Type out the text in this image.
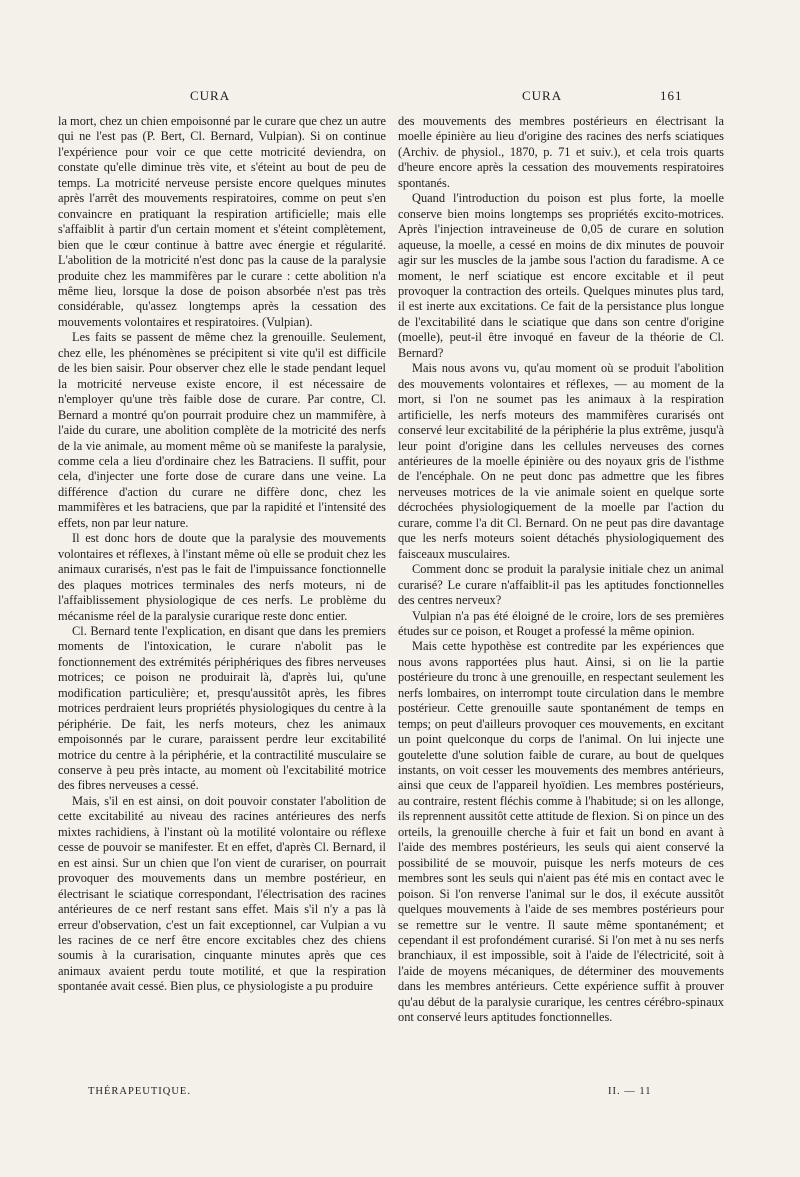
CURA	CURA	161

la mort, chez un chien empoisonné par le curare que chez un autre qui ne l'est pas (P. Bert, Cl. Bernard, Vulpian). Si on continue l'expérience pour voir ce que cette motricité deviendra, on constate qu'elle diminue très vite, et s'éteint au bout de peu de temps. La motricité nerveuse persiste encore quelques minutes après l'arrêt des mouvements respiratoires, comme on peut s'en convaincre en pratiquant la respiration artificielle; mais elle s'affaiblit à partir d'un certain moment et s'éteint complètement, bien que le cœur continue à battre avec énergie et régularité. L'abolition de la motricité n'est donc pas la cause de la paralysie produite chez les mammifères par le curare : cette abolition n'a même lieu, lorsque la dose de poison absorbée n'est pas très considérable, qu'assez longtemps après la cessation des mouvements volontaires et respiratoires. (Vulpian).

Les faits se passent de même chez la grenouille. Seulement, chez elle, les phénomènes se précipitent si vite qu'il est difficile de les bien saisir. Pour observer chez elle le stade pendant lequel la motricité nerveuse existe encore, il est nécessaire de n'employer qu'une très faible dose de curare. Par contre, Cl. Bernard a montré qu'on pourrait produire chez un mammifère, à l'aide du curare, une abolition complète de la motricité des nerfs de la vie animale, au moment même où se manifeste la paralysie, comme cela a lieu d'ordinaire chez les Batraciens. Il suffit, pour cela, d'injecter une forte dose de curare dans une veine. La différence d'action du curare ne diffère donc, chez les mammifères et les batraciens, que par la rapidité et l'intensité des effets, non par leur nature.

Il est donc hors de doute que la paralysie des mouvements volontaires et réflexes, à l'instant même où elle se produit chez les animaux curarisés, n'est pas le fait de l'impuissance fonctionnelle des plaques motrices terminales des nerfs moteurs, ni de l'affaiblissement physiologique de ces nerfs. Le problème du mécanisme réel de la paralysie curarique reste donc entier.

Cl. Bernard tente l'explication, en disant que dans les premiers moments de l'intoxication, le curare n'abolit pas le fonctionnement des extrémités périphériques des fibres nerveuses motrices; ce poison ne produirait là, d'après lui, qu'une modification particulière; et, presqu'aussitôt après, les fibres motrices perdraient leurs propriétés physiologiques du centre à la périphérie. De fait, les nerfs moteurs, chez les animaux empoisonnés par le curare, paraissent perdre leur excitabilité motrice du centre à la périphérie, et la contractilité musculaire se conserve à peu près intacte, au moment où l'excitabilité motrice des fibres nerveuses a cessé.

Mais, s'il en est ainsi, on doit pouvoir constater l'abolition de cette excitabilité au niveau des racines antérieures des nerfs mixtes rachidiens, à l'instant où la motilité volontaire ou réflexe cesse de pouvoir se manifester. Et en effet, d'après Cl. Bernard, il en est ainsi. Sur un chien que l'on vient de curariser, on pourrait provoquer des mouvements dans un membre postérieur, en électrisant le sciatique correspondant, l'électrisation des racines antérieures de ce nerf restant sans effet. Mais s'il n'y a pas là erreur d'observation, c'est un fait exceptionnel, car Vulpian a vu les racines de ce nerf être encore excitables chez des chiens soumis à la curarisation, cinquante minutes après que ces animaux avaient perdu toute motilité, et que la respiration spontanée avait cessé. Bien plus, ce physiologiste a pu produire

des mouvements des membres postérieurs en électrisant la moelle épinière au lieu d'origine des racines des nerfs sciatiques (Archiv. de physiol., 1870, p. 71 et suiv.), et cela trois quarts d'heure encore après la cessation des mouvements respiratoires spontanés.

Quand l'introduction du poison est plus forte, la moelle conserve bien moins longtemps ses propriétés excito-motrices. Après l'injection intraveineuse de 0,05 de curare en solution aqueuse, la moelle, a cessé en moins de dix minutes de pouvoir agir sur les muscles de la jambe sous l'action du faradisme. A ce moment, le nerf sciatique est encore excitable et il peut provoquer la contraction des orteils. Quelques minutes plus tard, il est inerte aux excitations. Ce fait de la persistance plus longue de l'excitabilité dans le sciatique que dans son centre d'origine (moelle), peut-il être invoqué en faveur de la théorie de Cl. Bernard?

Mais nous avons vu, qu'au moment où se produit l'abolition des mouvements volontaires et réflexes, — au moment de la mort, si l'on ne soumet pas les animaux à la respiration artificielle, les nerfs moteurs des mammifères curarisés ont conservé leur excitabilité de la périphérie la plus extrême, jusqu'à leur point d'origine dans les cellules nerveuses des cornes antérieures de la moelle épinière ou des noyaux gris de l'isthme de l'encéphale. On ne peut donc pas admettre que les fibres nerveuses motrices de la vie animale soient en quelque sorte décrochées physiologiquement de la moelle par l'action du curare, comme l'a dit Cl. Bernard. On ne peut pas dire davantage que les nerfs moteurs soient détachés physiologiquement des faisceaux musculaires.

Comment donc se produit la paralysie initiale chez un animal curarisé? Le curare n'affaiblit-il pas les aptitudes fonctionnelles des centres nerveux?

Vulpian n'a pas été éloigné de le croire, lors de ses premières études sur ce poison, et Rouget a professé la même opinion.

Mais cette hypothèse est contredite par les expériences que nous avons rapportées plus haut. Ainsi, si on lie la partie postérieure du tronc à une grenouille, en respectant seulement les nerfs lombaires, on interrompt toute circulation dans le membre postérieur. Cette grenouille saute spontanément de temps en temps; on peut d'ailleurs provoquer ces mouvements, en excitant un point quelconque du corps de l'animal. On lui injecte une goutelette d'une solution faible de curare, au bout de quelques instants, on voit cesser les mouvements des membres antérieurs, ainsi que ceux de l'appareil hyoïdien. Les membres postérieurs, au contraire, restent fléchis comme à l'habitude; si on les allonge, ils reprennent aussitôt cette attitude de flexion. Si on pince un des orteils, la grenouille cherche à fuir et fait un bond en avant à l'aide des membres postérieurs, les seuls qui aient conservé la possibilité de se mouvoir, puisque les nerfs moteurs de ces membres sont les seuls qui n'aient pas été mis en contact avec le poison. Si l'on renverse l'animal sur le dos, il exécute aussitôt quelques mouvements à l'aide de ses membres postérieurs pour se remettre sur le ventre. Il saute même spontanément; et cependant il est profondément curarisé. Si l'on met à nu ses nerfs branchiaux, il est impossible, soit à l'aide de l'électricité, soit à l'aide de moyens mécaniques, de déterminer des mouvements dans les membres antérieurs. Cette expérience suffit à prouver qu'au début de la paralysie curarique, les centres cérébro-spinaux ont conservé leurs aptitudes fonctionnelles.

THÉRAPEUTIQUE.	II. — 11
